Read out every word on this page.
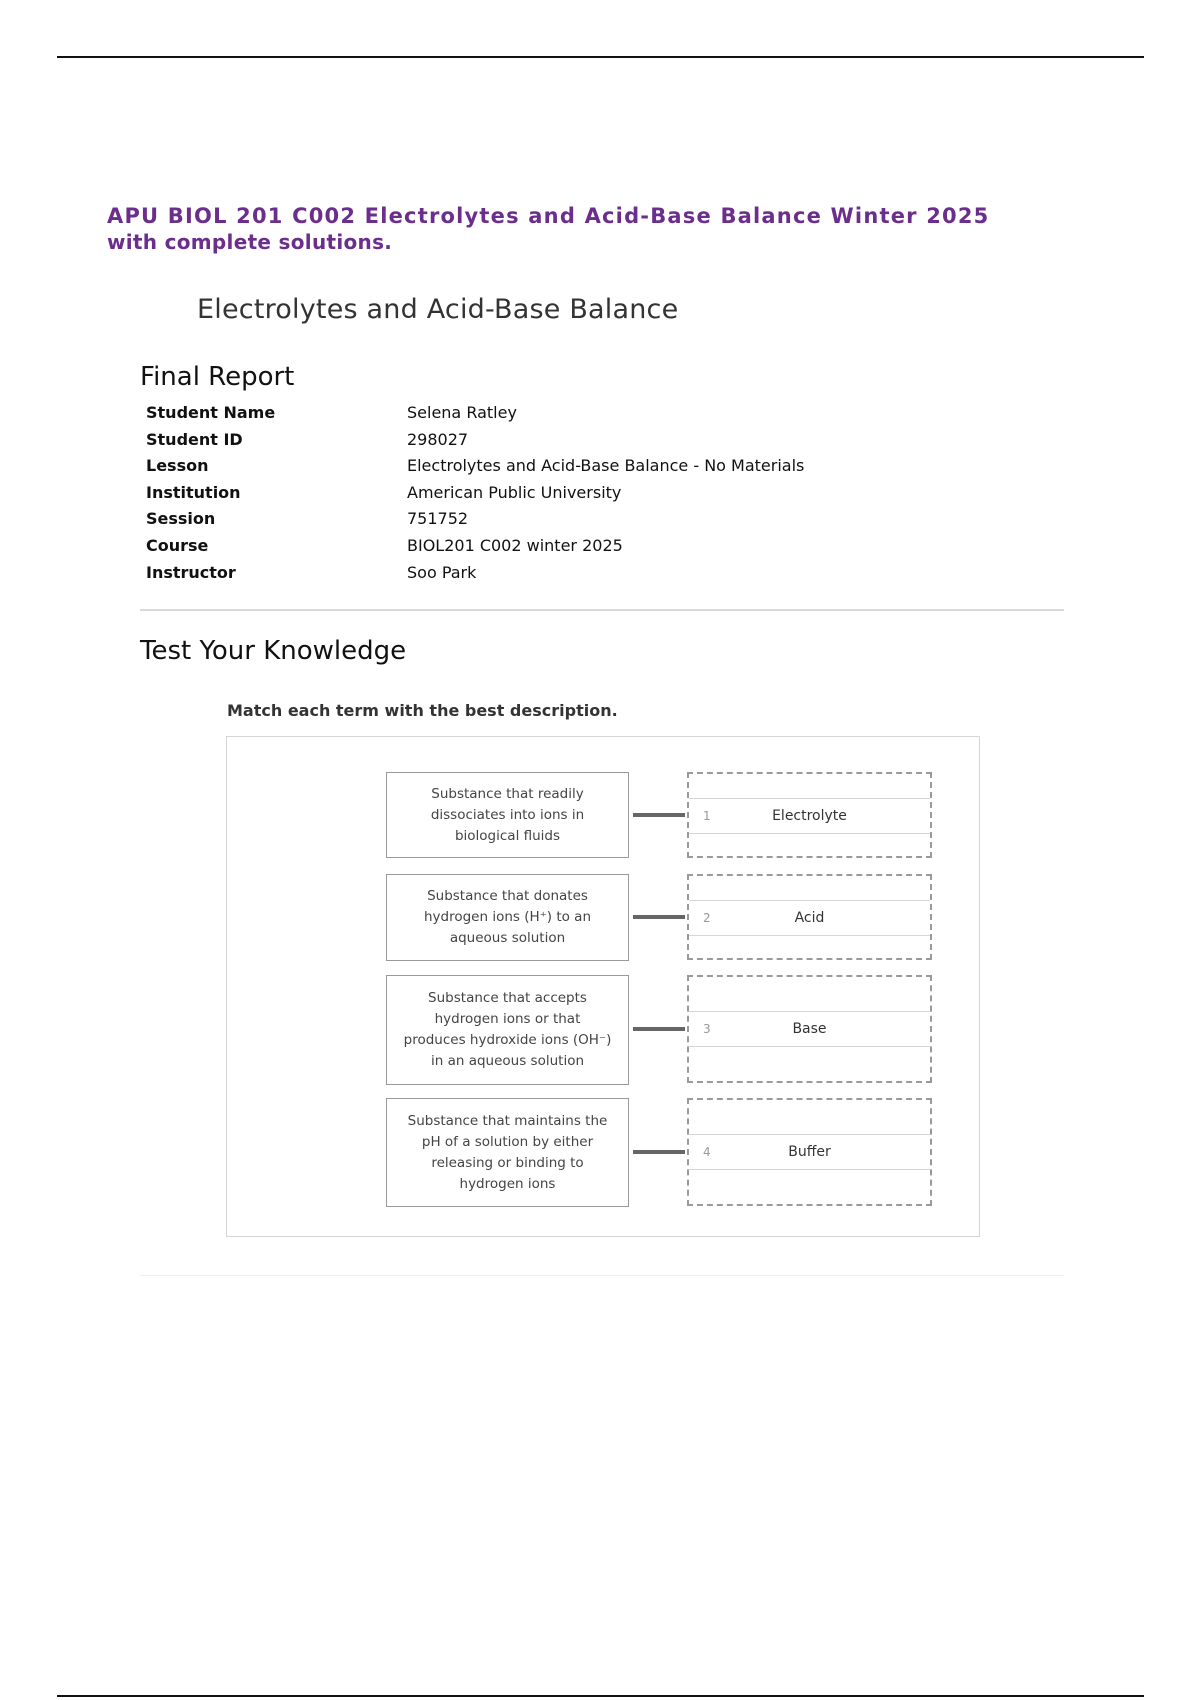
APU BIOL 201 C002 Electrolytes and Acid-Base Balance Winter 2025
with complete solutions.
Electrolytes and Acid-Base Balance
Final Report
Student Name	Selena Ratley
Student ID	298027
Lesson	Electrolytes and Acid-Base Balance - No Materials
Institution	American Public University
Session	751752
Course	BIOL201 C002 winter 2025
Instructor	Soo Park
Test Your Knowledge
Match each term with the best description.
Substance that readily dissociates into ions in biological fluids
1	Electrolyte
Substance that donates hydrogen ions (H⁺) to an aqueous solution
2	Acid
Substance that accepts hydrogen ions or that produces hydroxide ions (OH⁻) in an aqueous solution
3	Base
Substance that maintains the pH of a solution by either releasing or binding to hydrogen ions
4	Buffer
